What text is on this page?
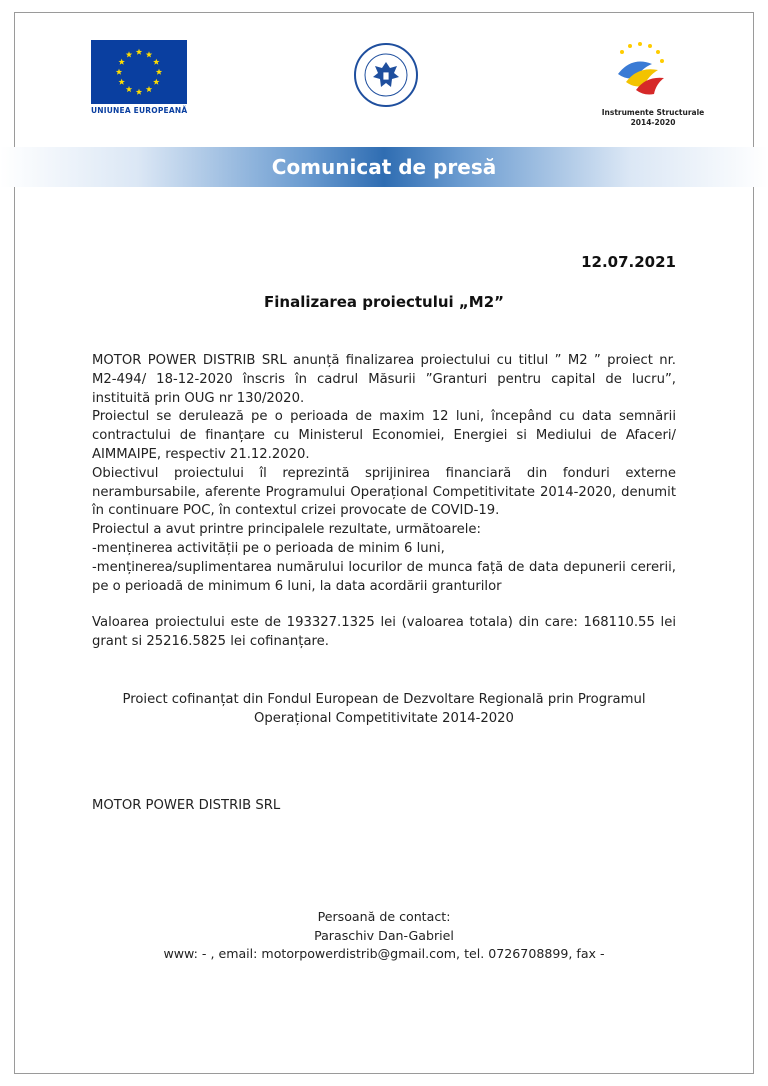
UNIUNEA EUROPEANĂ	Instrumente Structurale
2014-2020
Comunicat de presă
12.07.2021
Finalizarea proiectului „M2”

MOTOR POWER DISTRIB SRL anunță finalizarea proiectului cu titlul ” M2 ” proiect nr. M2-494/ 18-12-2020 înscris în cadrul Măsurii ”Granturi pentru capital de lucru”, instituită prin OUG nr 130/2020.

Proiectul se derulează pe o perioada de maxim 12 luni, începând cu data semnării contractului de finanțare cu Ministerul Economiei, Energiei si Mediului de Afaceri/ AIMMAIPE, respectiv 21.12.2020.

Obiectivul proiectului îl reprezintă sprijinirea financiară din fonduri externe nerambursabile, aferente Programului Operațional Competitivitate 2014-2020, denumit în continuare POC, în contextul crizei provocate de COVID-19.

Proiectul a avut printre principalele rezultate, următoarele:

-menținerea activității pe o perioada de minim 6 luni,

-menținerea/suplimentarea numărului locurilor de munca față de data depunerii cererii, pe o perioadă de minimum 6 luni, la data acordării granturilor

Valoarea proiectului este de 193327.1325 lei (valoarea totala) din care: 168110.55 lei grant si 25216.5825 lei cofinanțare.

Proiect cofinanțat din Fondul European de Dezvoltare Regională prin Programul Operațional Competitivitate 2014-2020
MOTOR POWER DISTRIB SRL
Persoană de contact:
Paraschiv Dan-Gabriel
www: - , email: motorpowerdistrib@gmail.com, tel. 0726708899, fax -
